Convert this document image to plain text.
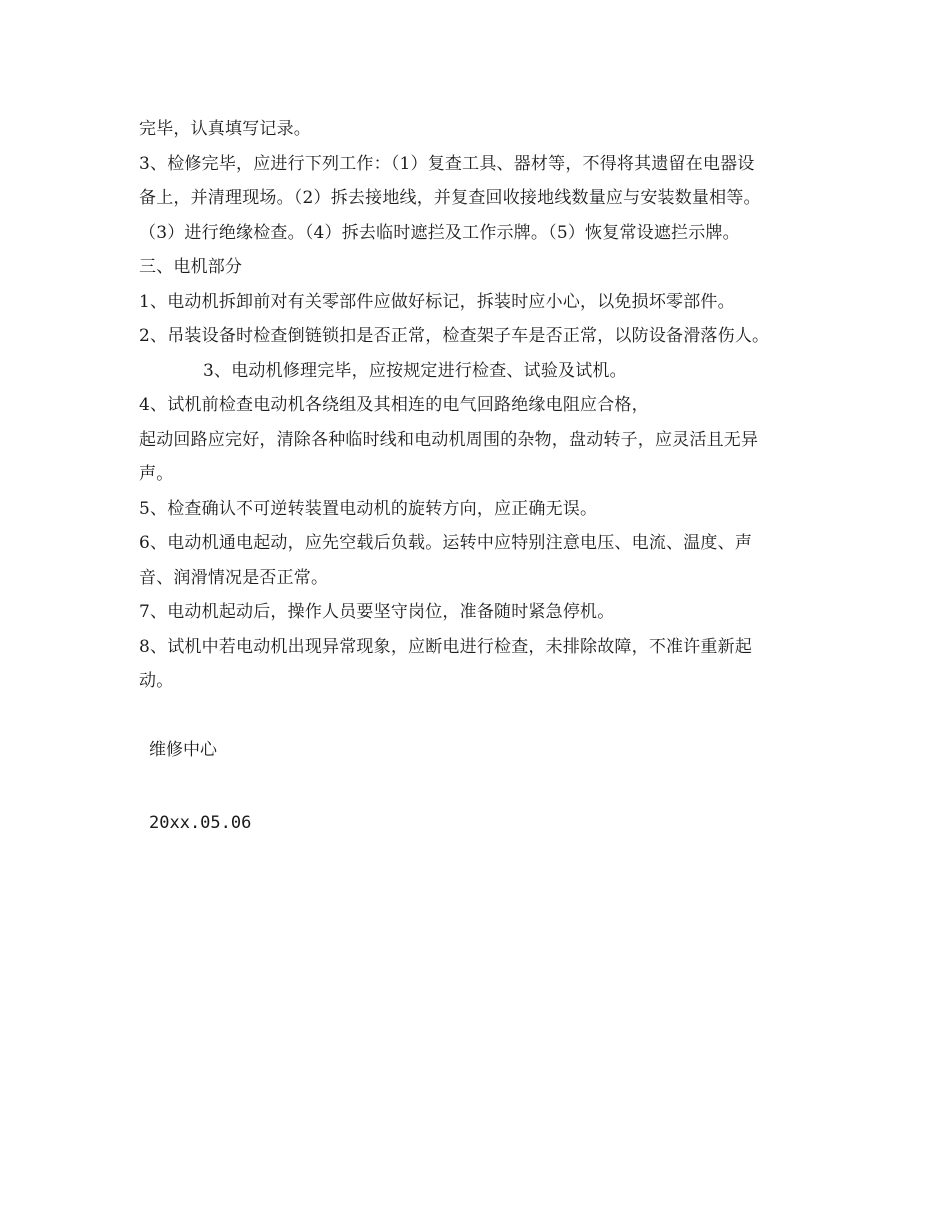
完毕，认真填写记录。
3、检修完毕，应进行下列工作：（1）复查工具、器材等，不得将其遗留在电器设
备上，并清理现场。（2）拆去接地线，并复查回收接地线数量应与安装数量相等。
（3）进行绝缘检查。（4）拆去临时遮拦及工作示牌。（5）恢复常设遮拦示牌。
三、电机部分
1、电动机拆卸前对有关零部件应做好标记，拆装时应小心，以免损坏零部件。
2、吊装设备时检查倒链锁扣是否正常，检查架子车是否正常，以防设备滑落伤人。
3、电动机修理完毕，应按规定进行检查、试验及试机。
4、试机前检查电动机各绕组及其相连的电气回路绝缘电阻应合格，
起动回路应完好，清除各种临时线和电动机周围的杂物，盘动转子，应灵活且无异
声。
5、检查确认不可逆转装置电动机的旋转方向，应正确无误。
6、电动机通电起动，应先空载后负载。运转中应特别注意电压、电流、温度、声
音、润滑情况是否正常。
7、电动机起动后，操作人员要坚守岗位，准备随时紧急停机。
8、试机中若电动机出现异常现象，应断电进行检查，未排除故障，不准许重新起
动。
维修中心
20xx.05.06
